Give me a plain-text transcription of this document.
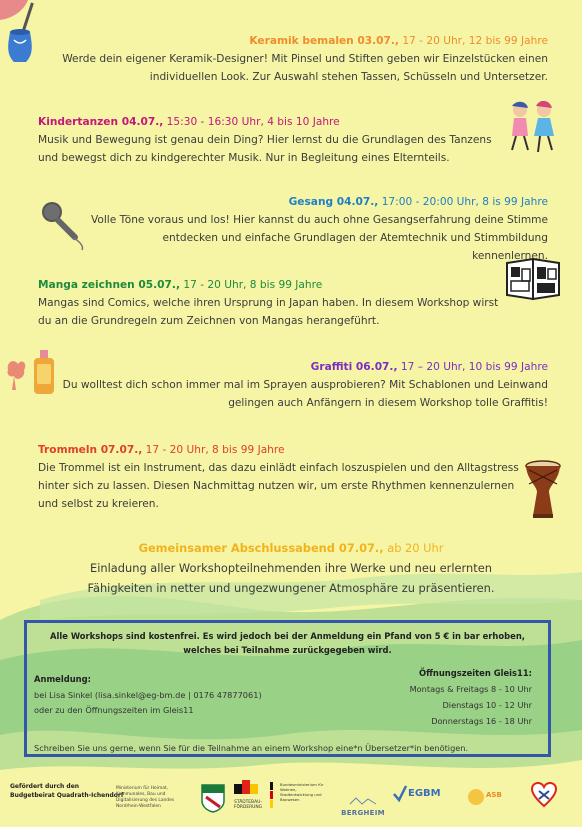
Keramik bemalen 03.07., 17 - 20 Uhr, 12 bis 99 Jahre
Werde dein eigener Keramik-Designer! Mit Pinsel und Stiften geben wir Einzelstücken einen individuellen Look. Zur Auswahl stehen Tassen, Schüsseln und Untersetzer.
Kindertanzen 04.07., 15:30 - 16:30 Uhr, 4 bis 10 Jahre
Musik und Bewegung ist genau dein Ding? Hier lernst du die Grundlagen des Tanzens und bewegst dich zu kindgerechter Musik. Nur in Begleitung eines Elternteils.
Gesang 04.07., 17:00 - 20:00 Uhr, 8 is 99 Jahre
Volle Töne voraus und los! Hier kannst du auch ohne Gesangserfahrung deine Stimme entdecken und einfache Grundlagen der Atemtechnik und Stimmbildung kennenlernen.
Manga zeichnen 05.07., 17 - 20 Uhr, 8 bis 99 Jahre
Mangas sind Comics, welche ihren Ursprung in Japan haben. In diesem Workshop wirst du an die Grundregeln zum Zeichnen von Mangas herangeführt.
Graffiti 06.07., 17 – 20 Uhr, 10 bis 99 Jahre
Du wolltest dich schon immer mal im Sprayen ausprobieren? Mit Schablonen und Leinwand gelingen auch Anfängern in diesem Workshop tolle Graffitis!
Trommeln 07.07., 17 - 20 Uhr, 8 bis 99 Jahre
Die Trommel ist ein Instrument, das dazu einlädt einfach loszuspielen und den Alltagstress hinter sich zu lassen. Diesen Nachmittag nutzen wir, um erste Rhythmen kennenzulernen und selbst zu kreieren.
Gemeinsamer Abschlussabend 07.07., ab 20 Uhr
Einladung aller Workshopteilnehmenden ihre Werke und neu erlernten Fähigkeiten in netter und ungezwungener Atmosphäre zu präsentieren.
Alle Workshops sind kostenfrei. Es wird jedoch bei der Anmeldung ein Pfand von 5 € in bar erhoben, welches bei Teilnahme zurückgegeben wird.
Anmeldung:
bei Lisa Sinkel (lisa.sinkel@eg-bm.de | 0176 47877061)
oder zu den Öffnungszeiten im Gleis11
Öffnungszeiten Gleis11:
Montags & Freitags 8 - 10 Uhr
Dienstags 10 - 12 Uhr
Donnerstags 16 - 18 Uhr
Schreiben Sie uns gerne, wenn Sie für die Teilnahme an einem Workshop eine*n Übersetzer*in benötigen.
Gefördert durch den
Budgetbeirat Quadrath-Ichendorf
Ministerium für Heimat, Kommunales, Bau und Digitalisierung des Landes Nordrhein-Westfalen
STÄDTEBAU-
FÖRDERUNG
Bundesministerium für Wohnen, Stadtentwicklung und Bauwesen
BERGHEIM
EGBM	ASB
